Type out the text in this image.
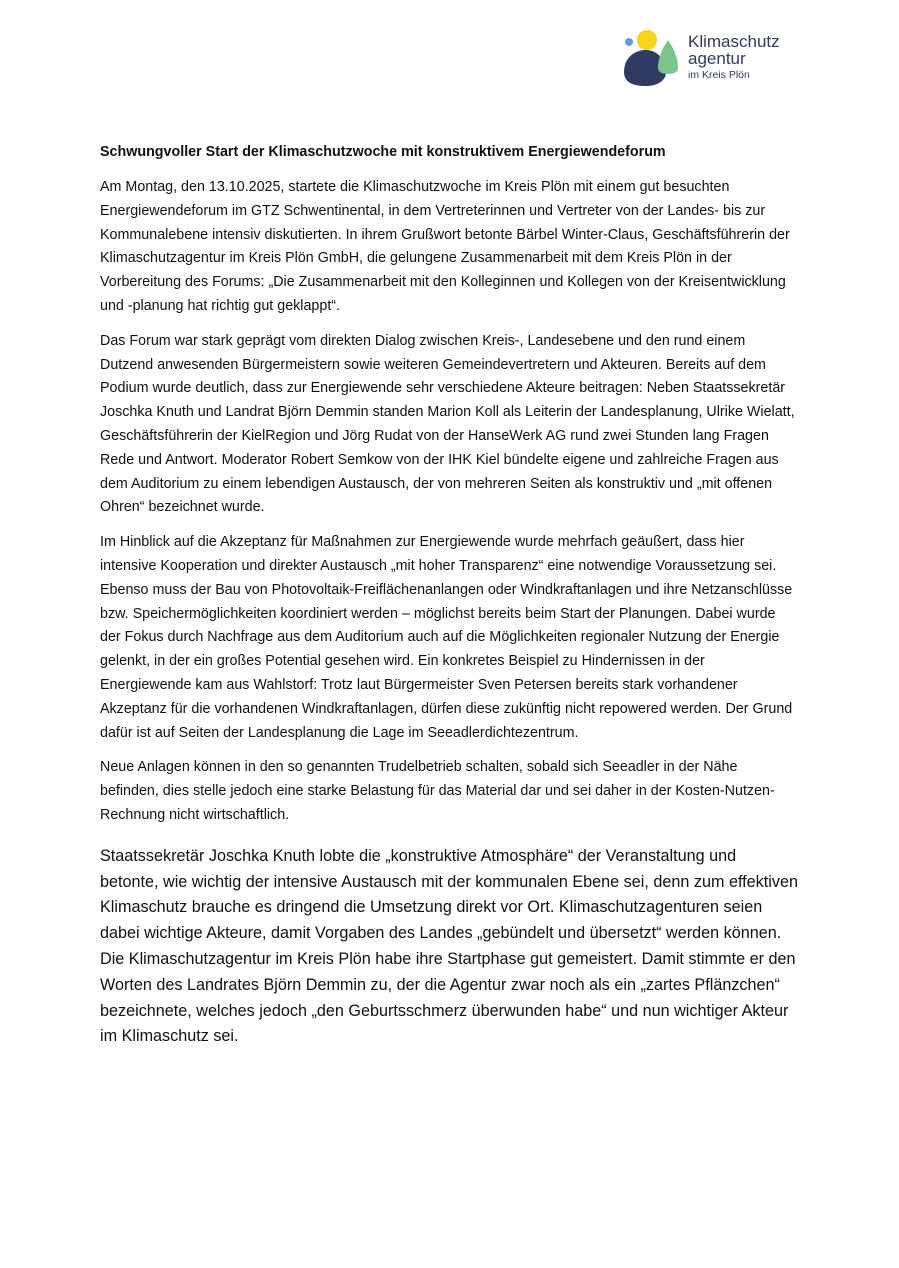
Klimaschutz
agentur
im Kreis Plön
Schwungvoller Start der Klimaschutzwoche mit konstruktivem Energiewendeforum

Am Montag, den 13.10.2025, startete die Klimaschutzwoche im Kreis Plön mit einem gut besuchten Energiewendeforum im GTZ Schwentinental, in dem Vertreterinnen und Vertreter von der Landes- bis zur Kommunalebene intensiv diskutierten. In ihrem Grußwort betonte Bärbel Winter-Claus, Geschäftsführerin der Klimaschutzagentur im Kreis Plön GmbH, die gelungene Zusammenarbeit mit dem Kreis Plön in der Vorbereitung des Forums: „Die Zusammenarbeit mit den Kolleginnen und Kollegen von der Kreisentwicklung und -planung hat richtig gut geklappt“.

Das Forum war stark geprägt vom direkten Dialog zwischen Kreis-, Landesebene und den rund einem Dutzend anwesenden Bürgermeistern sowie weiteren Gemeindevertretern und Akteuren. Bereits auf dem Podium wurde deutlich, dass zur Energiewende sehr verschiedene Akteure beitragen: Neben Staatssekretär Joschka Knuth und Landrat Björn Demmin standen Marion Koll als Leiterin der Landesplanung, Ulrike Wielatt, Geschäftsführerin der KielRegion und Jörg Rudat von der HanseWerk AG rund zwei Stunden lang Fragen Rede und Antwort. Moderator Robert Semkow von der IHK Kiel bündelte eigene und zahlreiche Fragen aus dem Auditorium zu einem lebendigen Austausch, der von mehreren Seiten als konstruktiv und „mit offenen Ohren“ bezeichnet wurde.

Im Hinblick auf die Akzeptanz für Maßnahmen zur Energiewende wurde mehrfach geäußert, dass hier intensive Kooperation und direkter Austausch „mit hoher Transparenz“ eine notwendige Voraussetzung sei. Ebenso muss der Bau von Photovoltaik-Freiflächenanlangen oder Windkraftanlagen und ihre Netzanschlüsse bzw. Speichermöglichkeiten koordiniert werden – möglichst bereits beim Start der Planungen. Dabei wurde der Fokus durch Nachfrage aus dem Auditorium auch auf die Möglichkeiten regionaler Nutzung der Energie gelenkt, in der ein großes Potential gesehen wird. Ein konkretes Beispiel zu Hindernissen in der Energiewende kam aus Wahlstorf: Trotz laut Bürgermeister Sven Petersen bereits stark vorhandener Akzeptanz für die vorhandenen Windkraftanlagen, dürfen diese zukünftig nicht repowered werden. Der Grund dafür ist auf Seiten der Landesplanung die Lage im Seeadlerdichtezentrum.

Neue Anlagen können in den so genannten Trudelbetrieb schalten, sobald sich Seeadler in der Nähe befinden, dies stelle jedoch eine starke Belastung für das Material dar und sei daher in der Kosten-Nutzen-Rechnung nicht wirtschaftlich.

Staatssekretär Joschka Knuth lobte die „konstruktive Atmosphäre“ der Veranstaltung und betonte, wie wichtig der intensive Austausch mit der kommunalen Ebene sei, denn zum effektiven Klimaschutz brauche es dringend die Umsetzung direkt vor Ort. Klimaschutzagenturen seien dabei wichtige Akteure, damit Vorgaben des Landes „gebündelt und übersetzt“ werden können. Die Klimaschutzagentur im Kreis Plön habe ihre Startphase gut gemeistert. Damit stimmte er den Worten des Landrates Björn Demmin zu, der die Agentur zwar noch als ein „zartes Pflänzchen“ bezeichnete, welches jedoch „den Geburtsschmerz überwunden habe“ und nun wichtiger Akteur im Klimaschutz sei.
